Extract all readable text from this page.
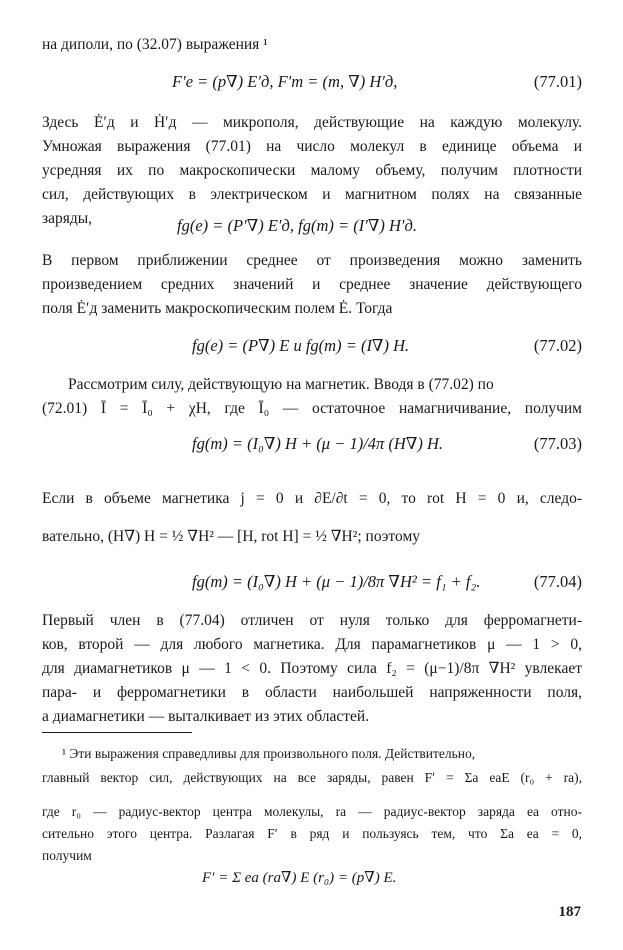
на диполи, по (32.07) выражения ¹
F′e = (p∇) E′д, F′m = (m, ∇) H′д,	(77.01)
Здесь Ė′д и Ḣ′д — микрополя, действующие на каждую молекулу.
Умножая выражения (77.01) на число молекул в единице объема и
усредняя их по макроскопически малому объему, получим плотности
сил, действующих в электрическом и магнитном полях на связанные
заряды,	fg(e) = (P′∇) E′д, fg(m) = (I′∇) H′д.
В первом приближении среднее от произведения можно заменить
произведением средних значений и среднее значение действующего
поля Ė′д заменить макроскопическим полем Ė. Тогда
fg(e) = (P∇) E и fg(m) = (I∇) H.	(77.02)
Рассмотрим силу, действующую на магнетик. Вводя в (77.02) по
(72.01) Ī = Ī₀ + χH, где Ī₀ — остаточное намагничивание, получим
fg(m) = (I₀∇) H + (μ − 1)/4π (H∇) H.	(77.03)
Если в объеме магнетика j = 0 и ∂E/∂t = 0, то rot H = 0 и, следо-
вательно, (H∇) H = ½ ∇H² — [H, rot H] = ½ ∇H²; поэтому
fg(m) = (I₀∇) H + (μ − 1)/8π ∇H² = f₁ + f₂.	(77.04)
Первый член в (77.04) отличен от нуля только для ферромагнети-
ков, второй — для любого магнетика. Для парамагнетиков μ — 1 > 0,
для диамагнетиков μ — 1 < 0. Поэтому сила f₂ = (μ−1)/8π ∇H² увлекает
пара- и ферромагнетики в области наибольшей напряженности поля,
а диамагнетики — выталкивает из этих областей.
¹ Эти выражения справедливы для произвольного поля. Действительно,
главный вектор сил, действующих на все заряды, равен F′ = Σa eaE (r₀ + ra),
где r₀ — радиус-вектор центра молекулы, ra — радиус-вектор заряда ea отно-
сительно этого центра. Разлагая F′ в ряд и пользуясь тем, что Σa ea = 0,
получим
F′ = Σ ea (ra∇) E (r₀) = (p∇) E.
187
